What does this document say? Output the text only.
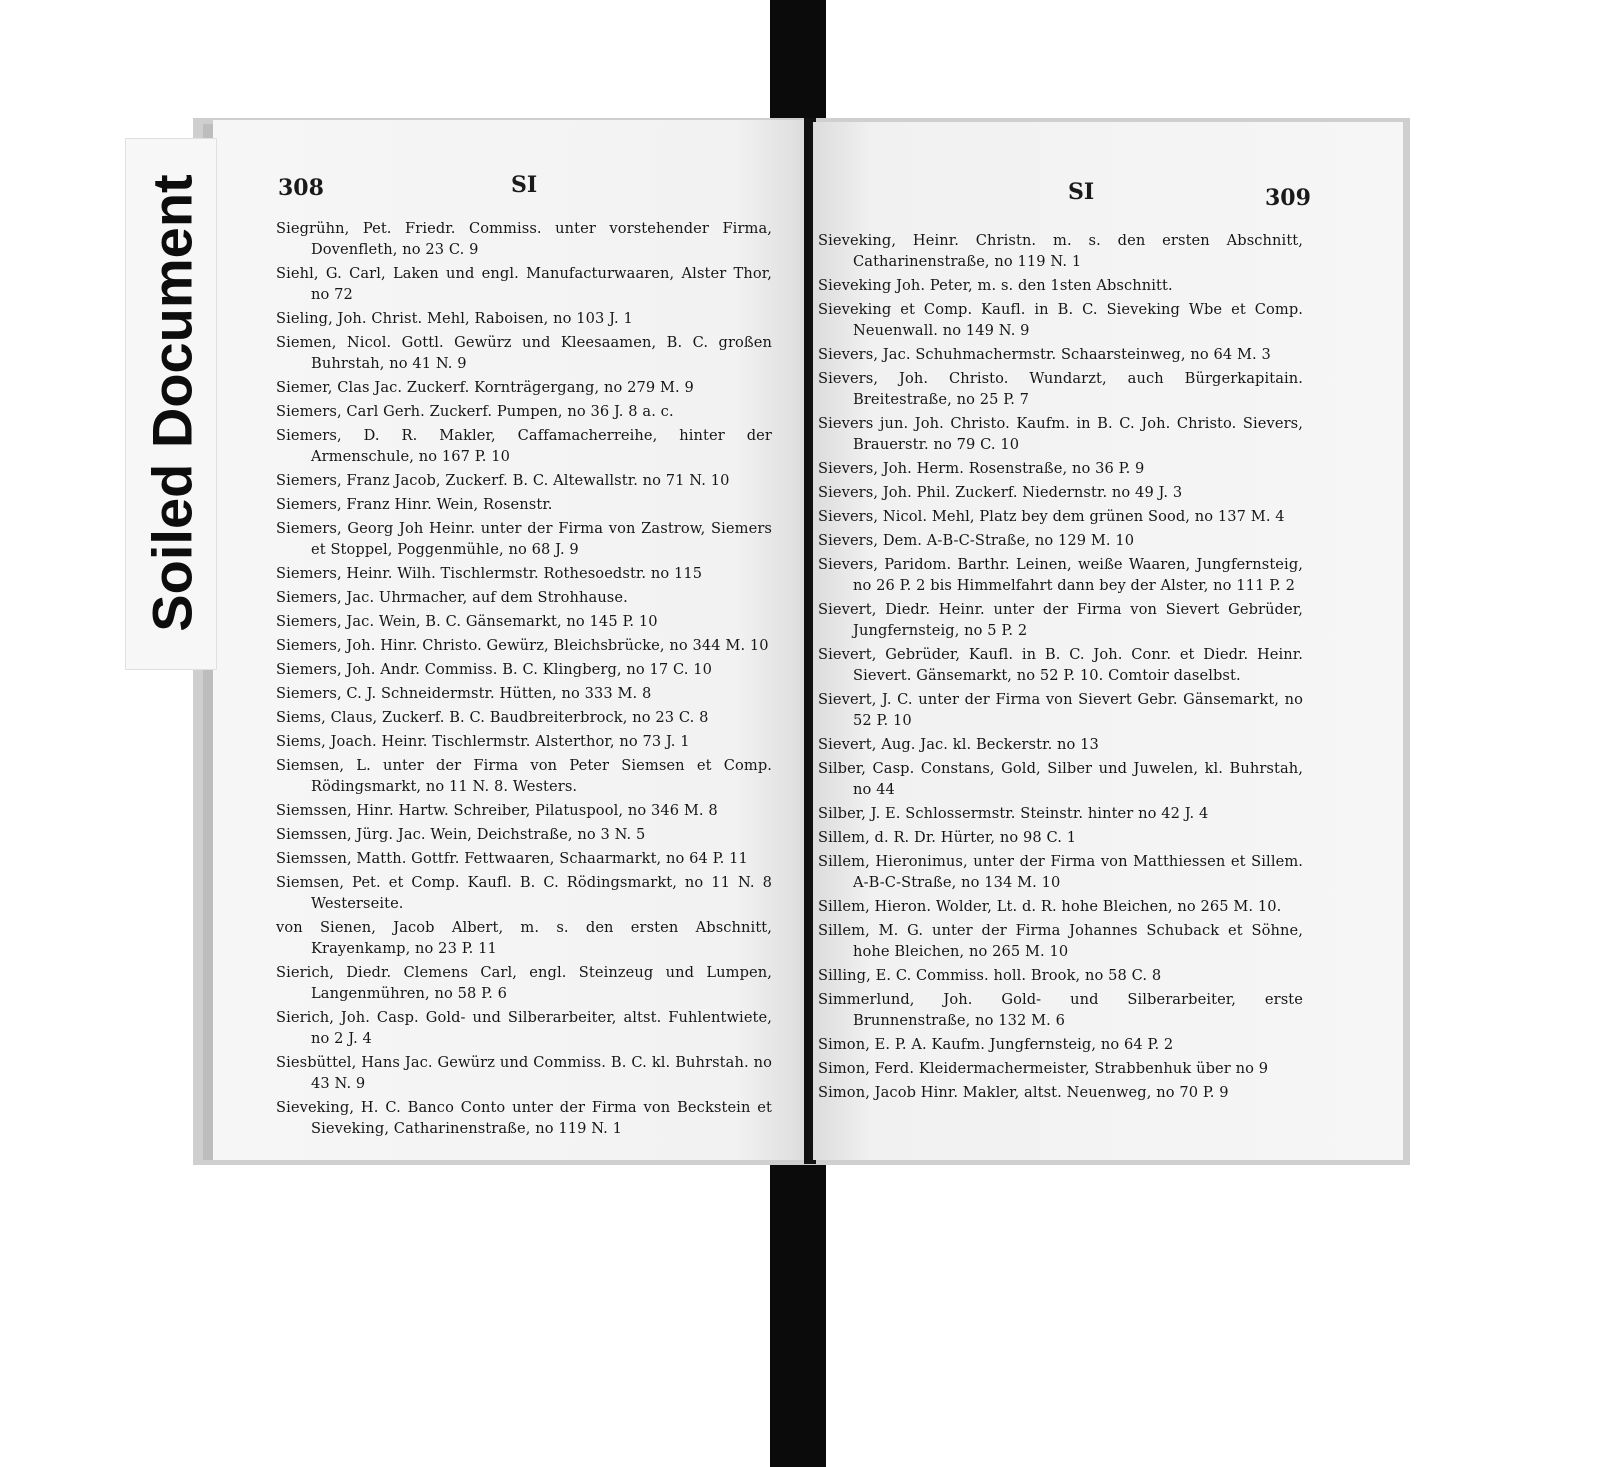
308	SI
Siegrühn, Pet. Friedr. Commiss. unter vorstehender Firma, Dovenfleth, no 23 C. 9
Siehl, G. Carl, Laken und engl. Manufacturwaaren, Alster Thor, no 72
Sieling, Joh. Christ. Mehl, Raboisen, no 103 J. 1
Siemen, Nicol. Gottl. Gewürz und Kleesaamen, B. C. großen Buhrstah, no 41 N. 9
Siemer, Clas Jac. Zuckerf. Kornträgergang, no 279 M. 9
Siemers, Carl Gerh. Zuckerf. Pumpen, no 36 J. 8 a. c.
Siemers, D. R. Makler, Caffamacherreihe, hinter der Armenschule, no 167 P. 10
Siemers, Franz Jacob, Zuckerf. B. C. Altewallstr. no 71 N. 10
Siemers, Franz Hinr. Wein, Rosenstr.
Siemers, Georg Joh Heinr. unter der Firma von Zastrow, Siemers et Stoppel, Poggenmühle, no 68 J. 9
Siemers, Heinr. Wilh. Tischlermstr. Rothesoedstr. no 115
Siemers, Jac. Uhrmacher, auf dem Strohhause.
Siemers, Jac. Wein, B. C. Gänsemarkt, no 145 P. 10
Siemers, Joh. Hinr. Christo. Gewürz, Bleichsbrücke, no 344 M. 10
Siemers, Joh. Andr. Commiss. B. C. Klingberg, no 17 C. 10
Siemers, C. J. Schneidermstr. Hütten, no 333 M. 8
Siems, Claus, Zuckerf. B. C. Baudbreiterbrock, no 23 C. 8
Siems, Joach. Heinr. Tischlermstr. Alsterthor, no 73 J. 1
Siemsen, L. unter der Firma von Peter Siemsen et Comp. Rödingsmarkt, no 11 N. 8. Westers.
Siemssen, Hinr. Hartw. Schreiber, Pilatuspool, no 346 M. 8
Siemssen, Jürg. Jac. Wein, Deichstraße, no 3 N. 5
Siemssen, Matth. Gottfr. Fettwaaren, Schaarmarkt, no 64 P. 11
Siemsen, Pet. et Comp. Kaufl. B. C. Rödingsmarkt, no 11 N. 8 Westerseite.
von Sienen, Jacob Albert, m. s. den ersten Abschnitt, Krayenkamp, no 23 P. 11
Sierich, Diedr. Clemens Carl, engl. Steinzeug und Lumpen, Langenmühren, no 58 P. 6
Sierich, Joh. Casp. Gold- und Silberarbeiter, altst. Fuhlentwiete, no 2 J. 4
Siesbüttel, Hans Jac. Gewürz und Commiss. B. C. kl. Buhrstah. no 43 N. 9
Sieveking, H. C. Banco Conto unter der Firma von Beckstein et Sieveking, Catharinenstraße, no 119 N. 1
SI	309
Sieveking, Heinr. Christn. m. s. den ersten Abschnitt, Catharinenstraße, no 119 N. 1
Sieveking Joh. Peter, m. s. den 1sten Abschnitt.
Sieveking et Comp. Kaufl. in B. C. Sieveking Wbe et Comp. Neuenwall. no 149 N. 9
Sievers, Jac. Schuhmachermstr. Schaarsteinweg, no 64 M. 3
Sievers, Joh. Christo. Wundarzt, auch Bürgerkapitain. Breitestraße, no 25 P. 7
Sievers jun. Joh. Christo. Kaufm. in B. C. Joh. Christo. Sievers, Brauerstr. no 79 C. 10
Sievers, Joh. Herm. Rosenstraße, no 36 P. 9
Sievers, Joh. Phil. Zuckerf. Niedernstr. no 49 J. 3
Sievers, Nicol. Mehl, Platz bey dem grünen Sood, no 137 M. 4
Sievers, Dem. A-B-C-Straße, no 129 M. 10
Sievers, Paridom. Barthr. Leinen, weiße Waaren, Jungfernsteig, no 26 P. 2 bis Himmelfahrt dann bey der Alster, no 111 P. 2
Sievert, Diedr. Heinr. unter der Firma von Sievert Gebrüder, Jungfernsteig, no 5 P. 2
Sievert, Gebrüder, Kaufl. in B. C. Joh. Conr. et Diedr. Heinr. Sievert. Gänsemarkt, no 52 P. 10. Comtoir daselbst.
Sievert, J. C. unter der Firma von Sievert Gebr. Gänsemarkt, no 52 P. 10
Sievert, Aug. Jac. kl. Beckerstr. no 13
Silber, Casp. Constans, Gold, Silber und Juwelen, kl. Buhrstah, no 44
Silber, J. E. Schlossermstr. Steinstr. hinter no 42 J. 4
Sillem, d. R. Dr. Hürter, no 98 C. 1
Sillem, Hieronimus, unter der Firma von Matthiessen et Sillem. A-B-C-Straße, no 134 M. 10
Sillem, Hieron. Wolder, Lt. d. R. hohe Bleichen, no 265 M. 10.
Sillem, M. G. unter der Firma Johannes Schuback et Söhne, hohe Bleichen, no 265 M. 10
Silling, E. C. Commiss. holl. Brook, no 58 C. 8
Simmerlund, Joh. Gold- und Silberarbeiter, erste Brunnenstraße, no 132 M. 6
Simon, E. P. A. Kaufm. Jungfernsteig, no 64 P. 2
Simon, Ferd. Kleidermachermeister, Strabbenhuk über no 9
Simon, Jacob Hinr. Makler, altst. Neuenweg, no 70 P. 9
Soiled Document
